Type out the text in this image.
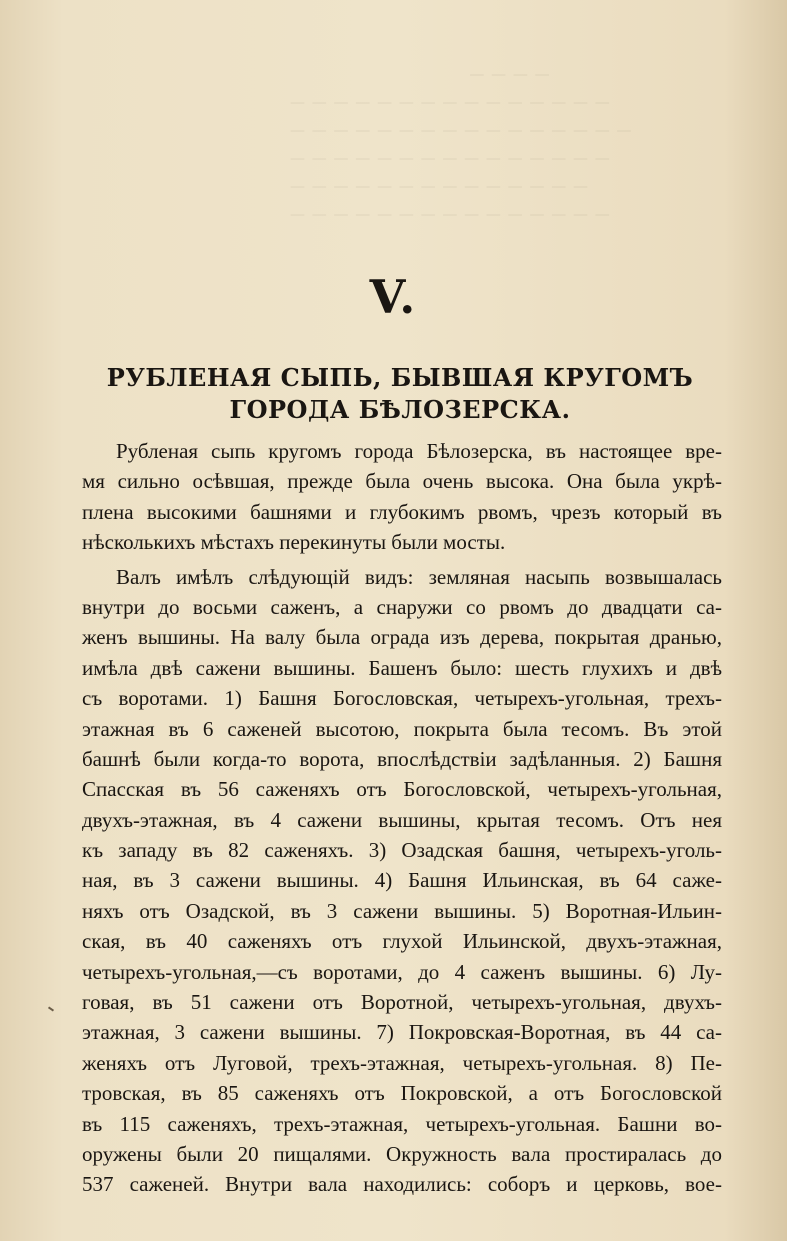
— — — —
— — — — — — — — — — — — — — —
— — — — — — — — — — — — — — — —
— — — — — — — — — — — — — — —
— — — — — — — — — — — — — —
— — — — — — — — — — — — — — —
V.
РУБЛЕНАЯ СЫПЬ, БЫВШАЯ КРУГОМЪ
ГОРОДА БѢЛОЗЕРСКА.
Рубленая сыпь кругомъ города Бѣлозерска, въ настоящее вре-
мя сильно осѣвшая, прежде была очень высока. Она была укрѣ-
плена высокими башнями и глубокимъ рвомъ, чрезъ который въ
нѣсколькихъ мѣстахъ перекинуты были мосты.
Валъ имѣлъ слѣдующій видъ: земляная насыпь возвышалась
внутри до восьми саженъ, а снаружи со рвомъ до двадцати са-
женъ вышины. На валу была ограда изъ дерева, покрытая дранью,
имѣла двѣ сажени вышины. Башенъ было: шесть глухихъ и двѣ
съ воротами. 1) Башня Богословская, четырехъ-угольная, трехъ-
этажная въ 6 саженей высотою, покрыта была тесомъ. Въ этой
башнѣ были когда-то ворота, впослѣдствіи задѣланныя. 2) Башня
Спасская въ 56 саженяхъ отъ Богословской, четырехъ-угольная,
двухъ-этажная, въ 4 сажени вышины, крытая тесомъ. Отъ нея
къ западу въ 82 саженяхъ. 3) Озадская башня, четырехъ-уголь-
ная, въ 3 сажени вышины. 4) Башня Ильинская, въ 64 саже-
няхъ отъ Озадской, въ 3 сажени вышины. 5) Воротная-Ильин-
ская, въ 40 саженяхъ отъ глухой Ильинской, двухъ-этажная,
четырехъ-угольная,—съ воротами, до 4 саженъ вышины. 6) Лу-
говая, въ 51 сажени отъ Воротной, четырехъ-угольная, двухъ-
этажная, 3 сажени вышины. 7) Покровская-Воротная, въ 44 са-
женяхъ отъ Луговой, трехъ-этажная, четырехъ-угольная. 8) Пе-
тровская, въ 85 саженяхъ отъ Покровской, а отъ Богословской
въ 115 саженяхъ, трехъ-этажная, четырехъ-угольная. Башни во-
оружены были 20 пищалями. Окружность вала простиралась до
537 саженей. Внутри вала находились: соборъ и церковь, вое-
